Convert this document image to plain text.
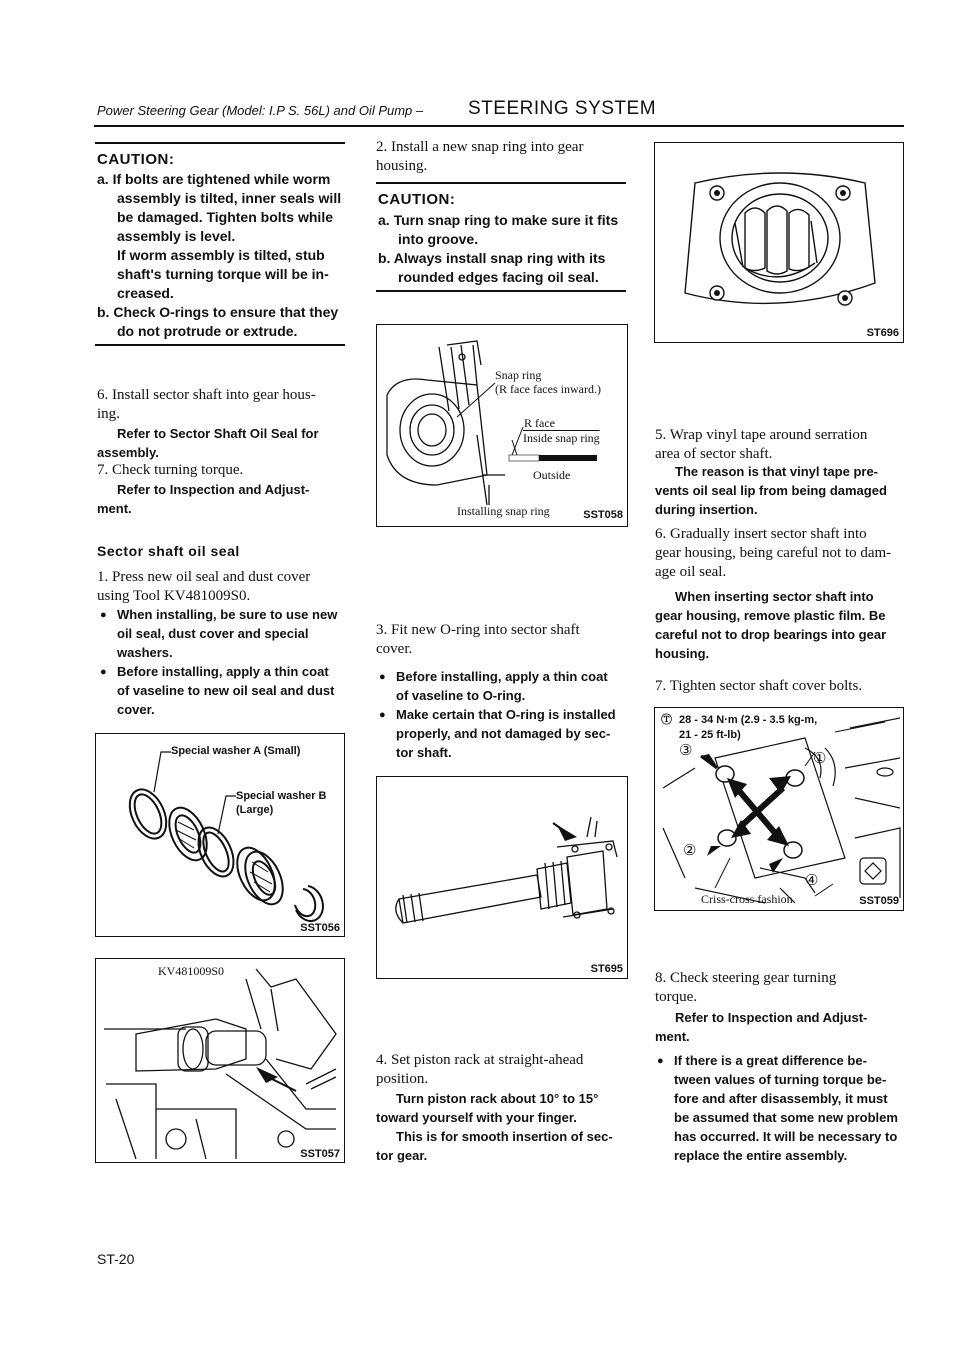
Power Steering Gear (Model: I.P S. 56L) and Oil Pump – STEERING SYSTEM
CAUTION:
a. If bolts are tightened while worm
assembly is tilted, inner seals will
be damaged. Tighten bolts while
assembly is level.
If worm assembly is tilted, stub
shaft's turning torque will be in-
creased.
b. Check O-rings to ensure that they
do not protrude or extrude.
6. Install sector shaft into gear hous-
ing.
Refer to Sector Shaft Oil Seal for
assembly.
7. Check turning torque.
Refer to Inspection and Adjust-
ment.
Sector shaft oil seal
1. Press new oil seal and dust cover
using Tool KV481009S0.
● When installing, be sure to use new
oil seal, dust cover and special
washers.
● Before installing, apply a thin coat
of vaseline to new oil seal and dust
cover.
Special washer A (Small)
Special washer B
(Large)
SST056
KV481009S0
SST057
2. Install a new snap ring into gear
housing.
CAUTION:
a. Turn snap ring to make sure it fits
into groove.
b. Always install snap ring with its
rounded edges facing oil seal.
Snap ring
(R face faces inward.)
R face
Inside snap ring
Outside
Installing snap ring	SST058
3. Fit new O-ring into sector shaft
cover.
● Before installing, apply a thin coat
of vaseline to O-ring.
● Make certain that O-ring is installed
properly, and not damaged by sec-
tor shaft.
ST695
4. Set piston rack at straight-ahead
position.
Turn piston rack about 10° to 15°
toward yourself with your finger.
This is for smooth insertion of sec-
tor gear.
ST696
5. Wrap vinyl tape around serration
area of sector shaft.
The reason is that vinyl tape pre-
vents oil seal lip from being damaged
during insertion.
6. Gradually insert sector shaft into
gear housing, being careful not to dam-
age oil seal.
When inserting sector shaft into
gear housing, remove plastic film. Be
careful not to drop bearings into gear
housing.
7. Tighten sector shaft cover bolts.
Ⓣ 28 - 34 N·m (2.9 - 3.5 kg-m,
21 - 25 ft-lb)
③	①
②
④
Criss-cross fashion	SST059
8. Check steering gear turning
torque.
Refer to Inspection and Adjust-
ment.
● If there is a great difference be-
tween values of turning torque be-
fore and after disassembly, it must
be assumed that some new problem
has occurred. It will be necessary to
replace the entire assembly.
ST-20
